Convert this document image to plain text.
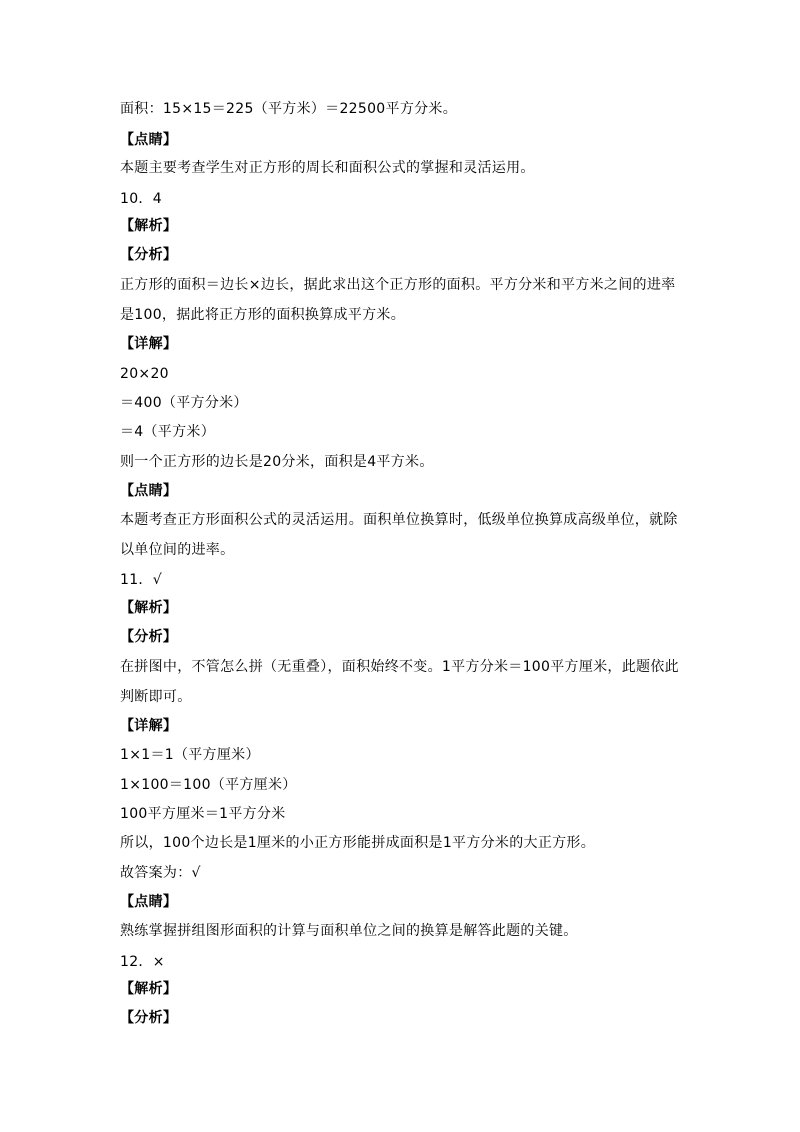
面积：15×15＝225（平方米）＝22500平方分米。
【点睛】
本题主要考查学生对正方形的周长和面积公式的掌握和灵活运用。
10．4
【解析】
【分析】
正方形的面积＝边长×边长，据此求出这个正方形的面积。平方分米和平方米之间的进率
是100，据此将正方形的面积换算成平方米。
【详解】
20×20
＝400（平方分米）
＝4（平方米）
则一个正方形的边长是20分米，面积是4平方米。
【点睛】
本题考查正方形面积公式的灵活运用。面积单位换算时，低级单位换算成高级单位，就除
以单位间的进率。
11．√
【解析】
【分析】
在拼图中，不管怎么拼（无重叠），面积始终不变。1平方分米＝100平方厘米，此题依此
判断即可。
【详解】
1×1＝1（平方厘米）
1×100＝100（平方厘米）
100平方厘米＝1平方分米
所以，100个边长是1厘米的小正方形能拼成面积是1平方分米的大正方形。
故答案为：√
【点睛】
熟练掌握拼组图形面积的计算与面积单位之间的换算是解答此题的关键。
12．×
【解析】
【分析】
